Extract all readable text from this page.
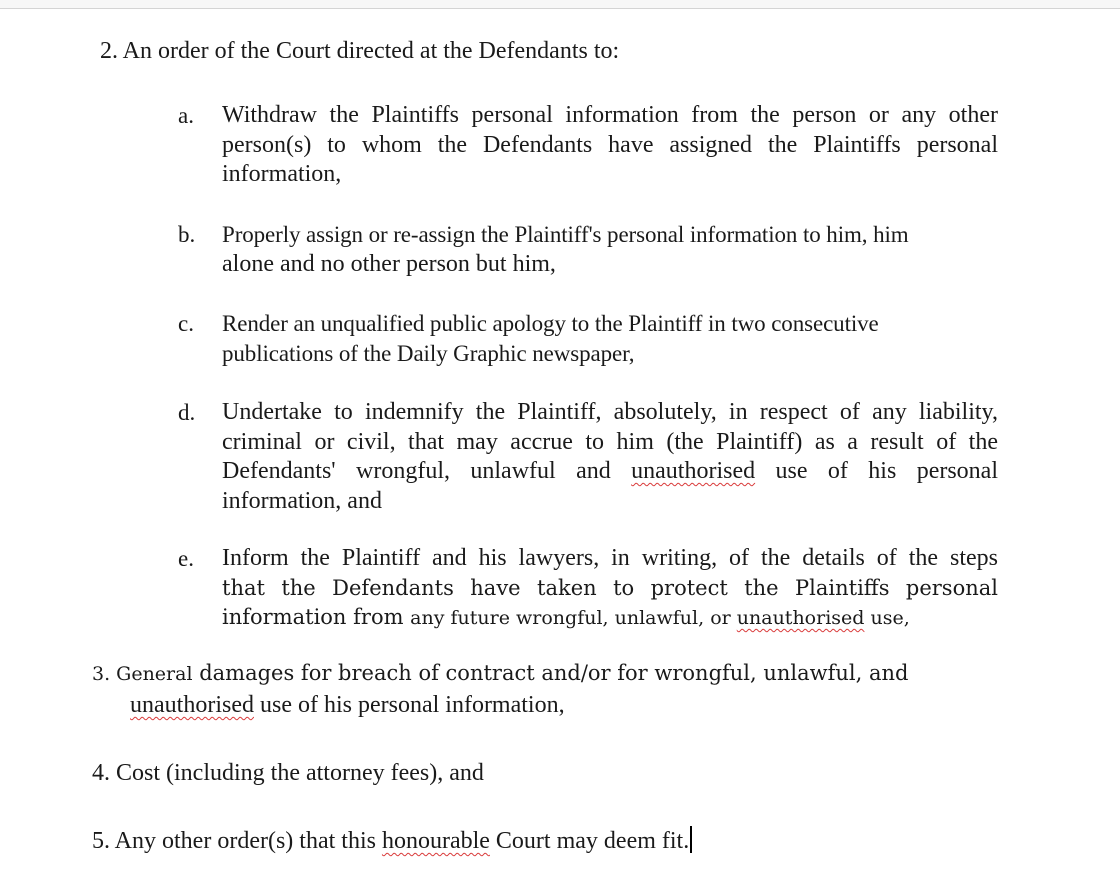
2. An order of the Court directed at the Defendants to:
a. Withdraw the Plaintiffs personal information from the person or any other
person(s) to whom the Defendants have assigned the Plaintiffs personal
information,
b. Properly assign or re-assign the Plaintiff's personal information to him, him
alone and no other person but him,
c. Render an unqualified public apology to the Plaintiff in two consecutive
publications of the Daily Graphic newspaper,
d. Undertake to indemnify the Plaintiff, absolutely, in respect of any liability,
criminal or civil, that may accrue to him (the Plaintiff) as a result of the
Defendants' wrongful, unlawful and unauthorised use of his personal
information, and
e. Inform the Plaintiff and his lawyers, in writing, of the details of the steps
that the Defendants have taken to protect the Plaintiffs personal
information from any future wrongful, unlawful, or unauthorised use,
3. General damages for breach of contract and/or for wrongful, unlawful, and
unauthorised use of his personal information,
4. Cost (including the attorney fees), and
5. Any other order(s) that this honourable Court may deem fit.
